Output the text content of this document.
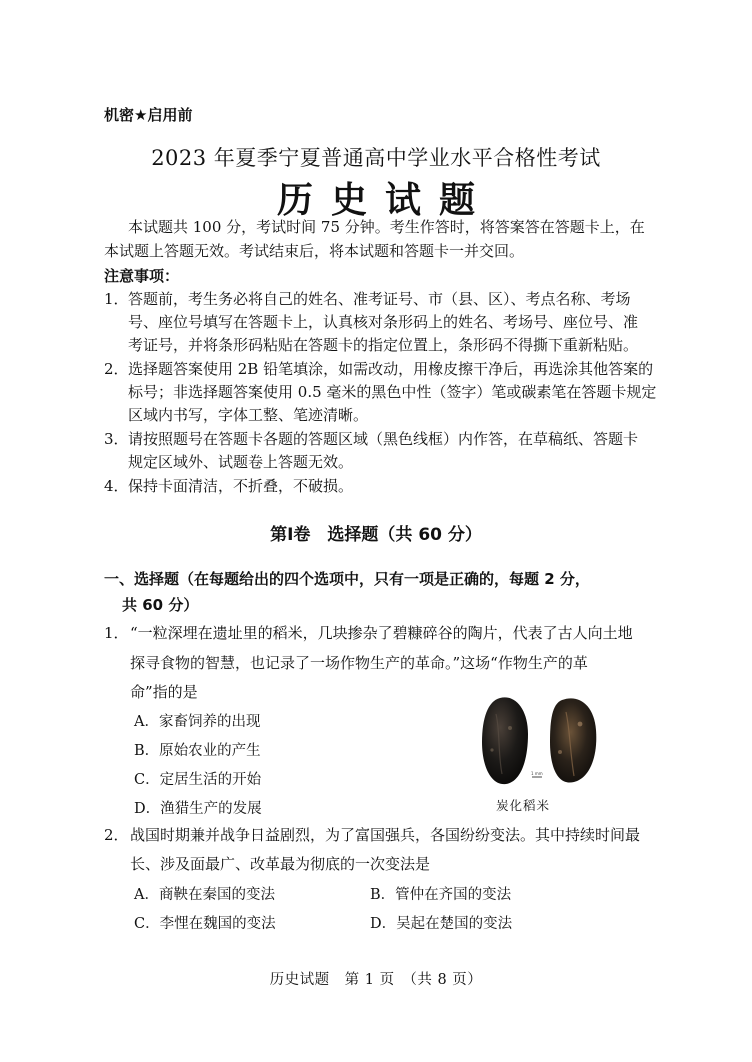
机密★启用前
2023 年夏季宁夏普通高中学业水平合格性考试
历史试题
本试题共 100 分，考试时间 75 分钟。考生作答时，将答案答在答题卡上，在
本试题上答题无效。考试结束后，将本试题和答题卡一并交回。
注意事项：
1． 答题前，考生务必将自己的姓名、准考证号、市（县、区）、考点名称、考场
号、座位号填写在答题卡上，认真核对条形码上的姓名、考场号、座位号、准
考证号，并将条形码粘贴在答题卡的指定位置上，条形码不得撕下重新粘贴。
2． 选择题答案使用 2B 铅笔填涂，如需改动，用橡皮擦干净后，再选涂其他答案的
标号；非选择题答案使用 0.5 毫米的黑色中性（签字）笔或碳素笔在答题卡规定
区域内书写，字体工整、笔迹清晰。
3． 请按照题号在答题卡各题的答题区域（黑色线框）内作答，在草稿纸、答题卡
规定区域外、试题卷上答题无效。
4． 保持卡面清洁，不折叠，不破损。
第Ⅰ卷　选择题（共 60 分）
一、选择题（在每题给出的四个选项中，只有一项是正确的，每题 2 分，
共 60 分）
1． “一粒深埋在遗址里的稻米，几块掺杂了碧糠碎谷的陶片，代表了古人向土地
探寻食物的智慧，也记录了一场作物生产的革命。”这场“作物生产的革
命”指的是
A．家畜饲养的出现
B．原始农业的产生
C．定居生活的开始
D．渔猎生产的发展
1 mm
炭化稻米
2． 战国时期兼并战争日益剧烈，为了富国强兵，各国纷纷变法。其中持续时间最
长、涉及面最广、改革最为彻底的一次变法是
A．商鞅在秦国的变法	B．管仲在齐国的变法
C．李悝在魏国的变法	D．吴起在楚国的变法
历史试题　第 1 页　（共 8 页）
